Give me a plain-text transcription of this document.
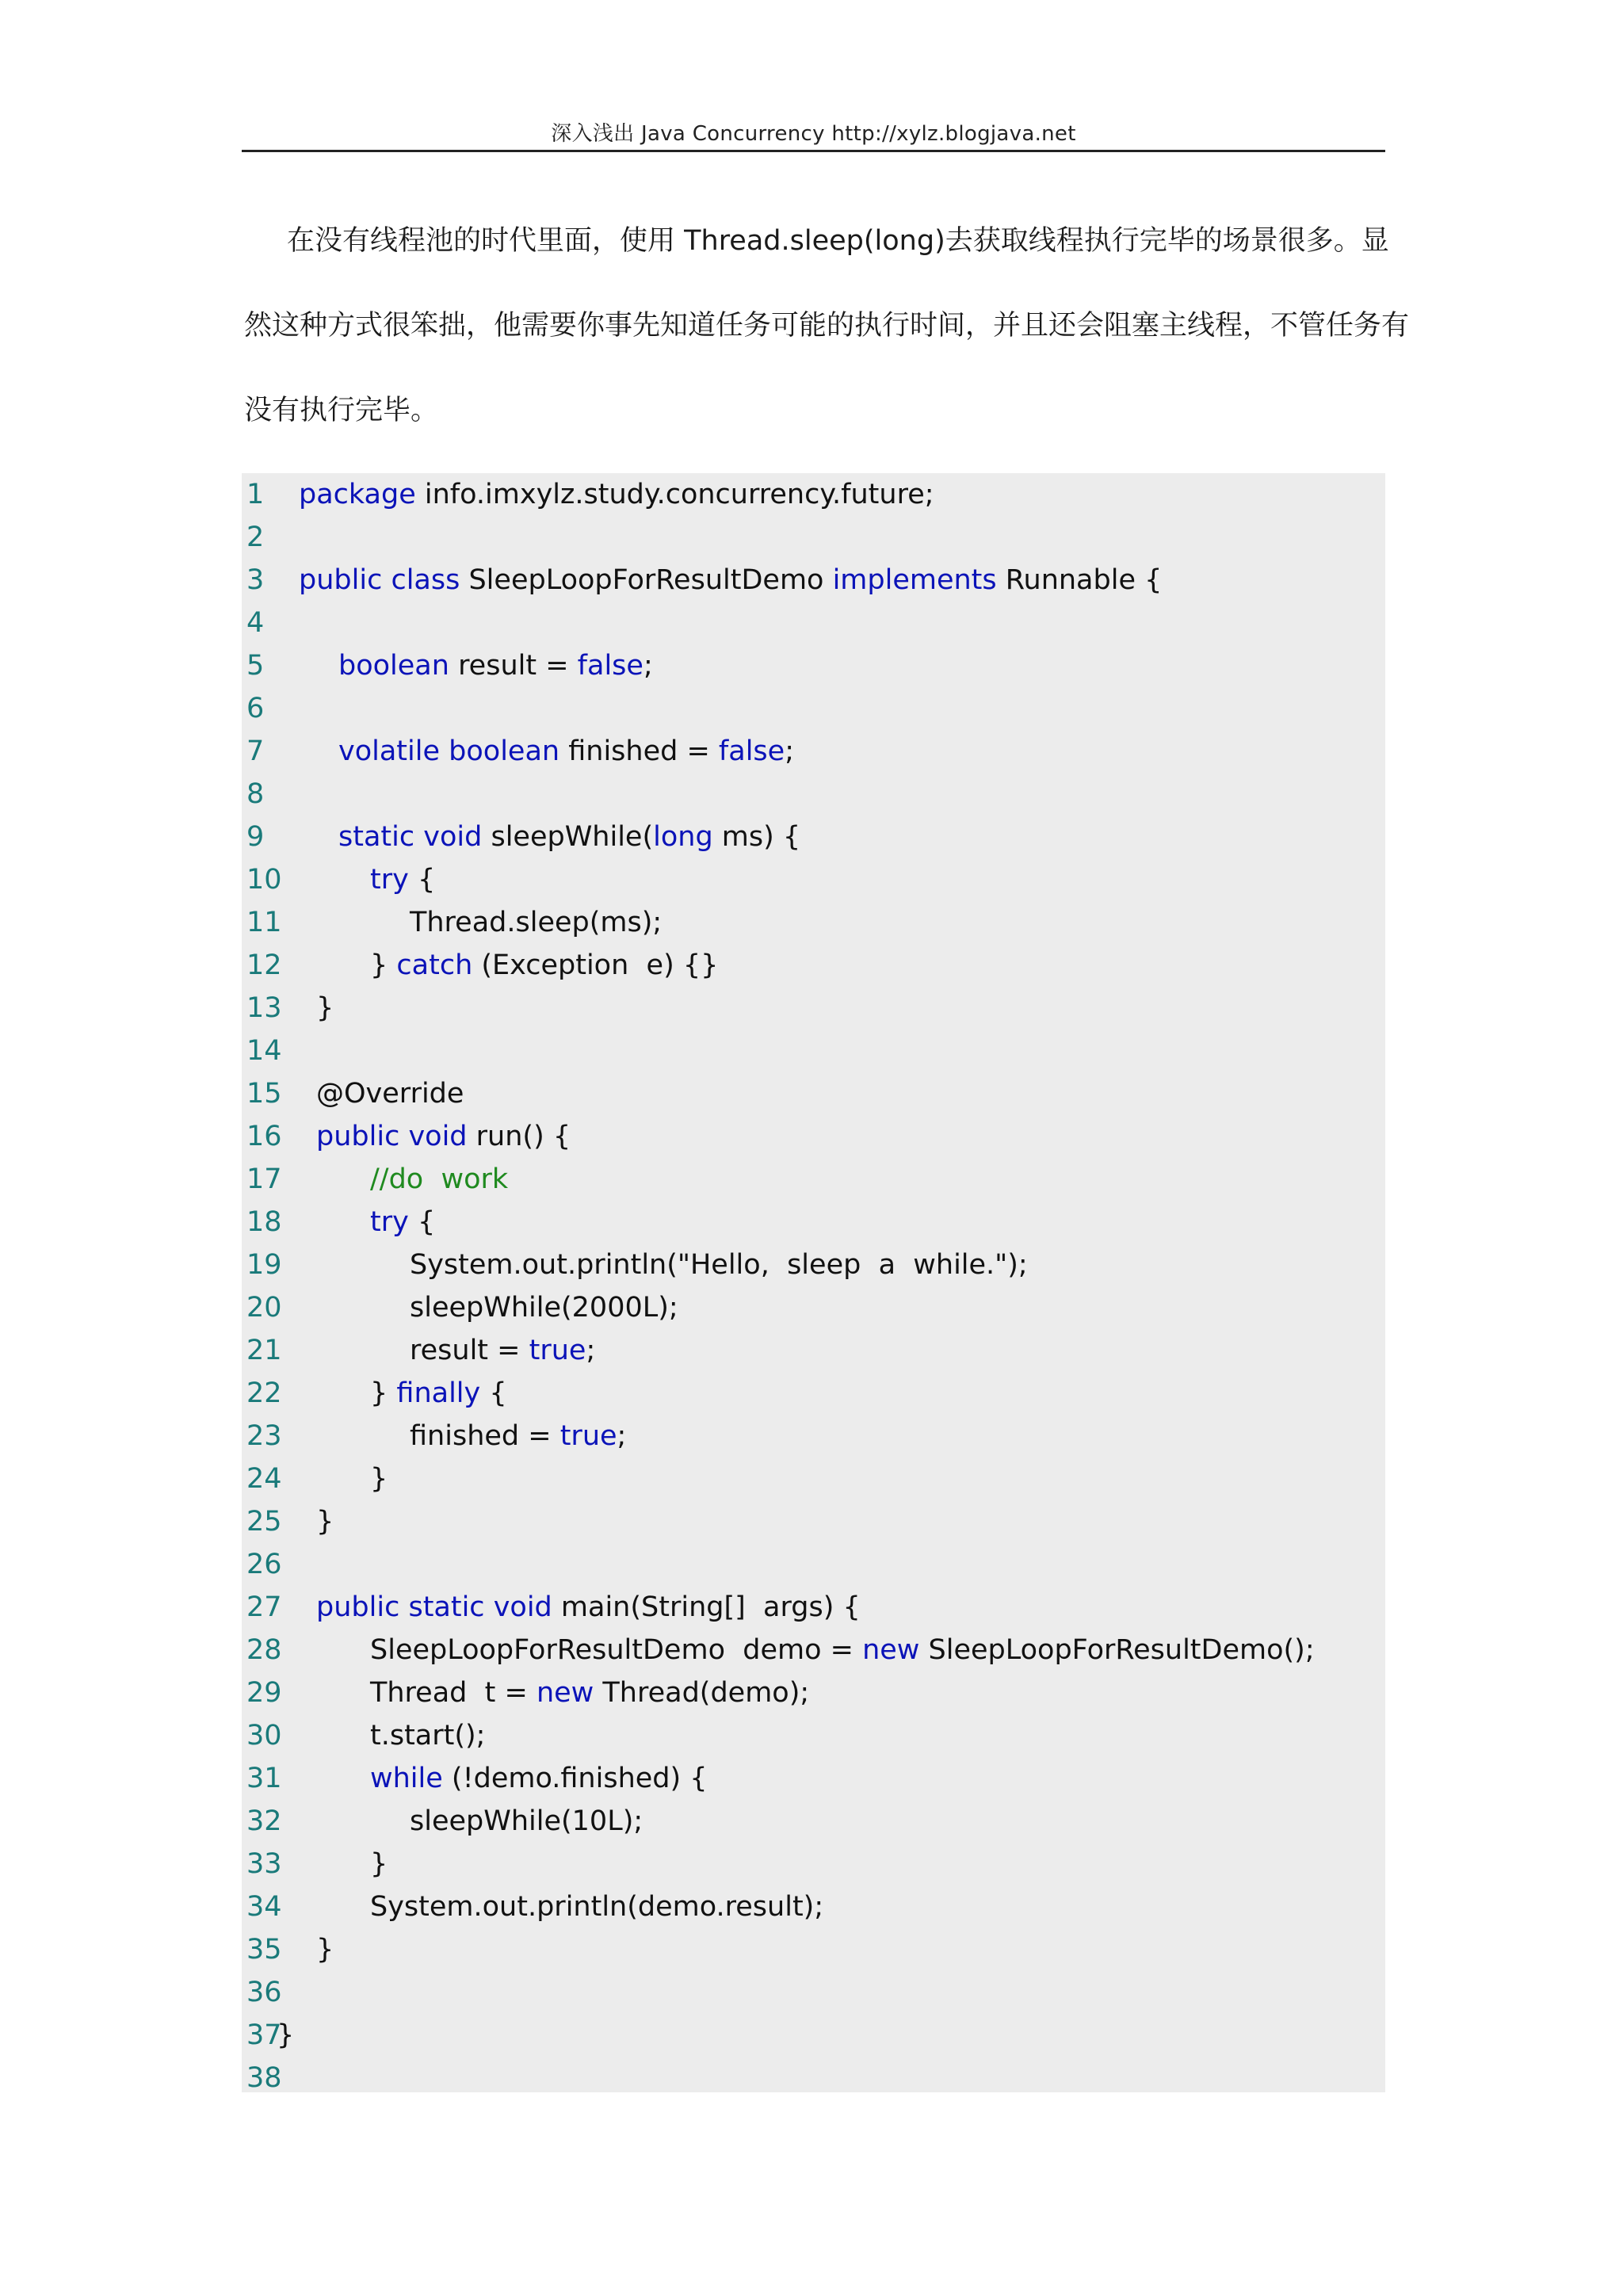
深入浅出 Java Concurrency http://xylz.blogjava.net

在没有线程池的时代里面，使用 Thread.sleep(long)去获取线程执行完毕的场景很多。显

然这种方式很笨拙，他需要你事先知道任务可能的执行时间，并且还会阻塞主线程，不管任务有

没有执行完毕。

1 package info.imxylz.study.concurrency.future;
2
3 public class SleepLoopForResultDemo implements Runnable {
4
5	boolean result = false;
6
7	volatile boolean finished = false;
8
9	static void sleepWhile(long ms) {
10	try {
11	Thread.sleep(ms);
12	} catch (Exception  e) {}
13 }
14
15 @Override
16 public void run() {
17	//do  work
18	try {
19	System.out.println("Hello,  sleep  a  while.");
20	sleepWhile(2000L);
21	result = true;
22	} finally {
23	finished = true;
24	}
25 }
26
27 public static void main(String[]  args) {
28	SleepLoopForResultDemo  demo = new SleepLoopForResultDemo();
29	Thread  t = new Thread(demo);
30	t.start();
31	while (!demo.finished) {
32	sleepWhile(10L);
33	}
34	System.out.println(demo.result);
35 }
36
37}
38
